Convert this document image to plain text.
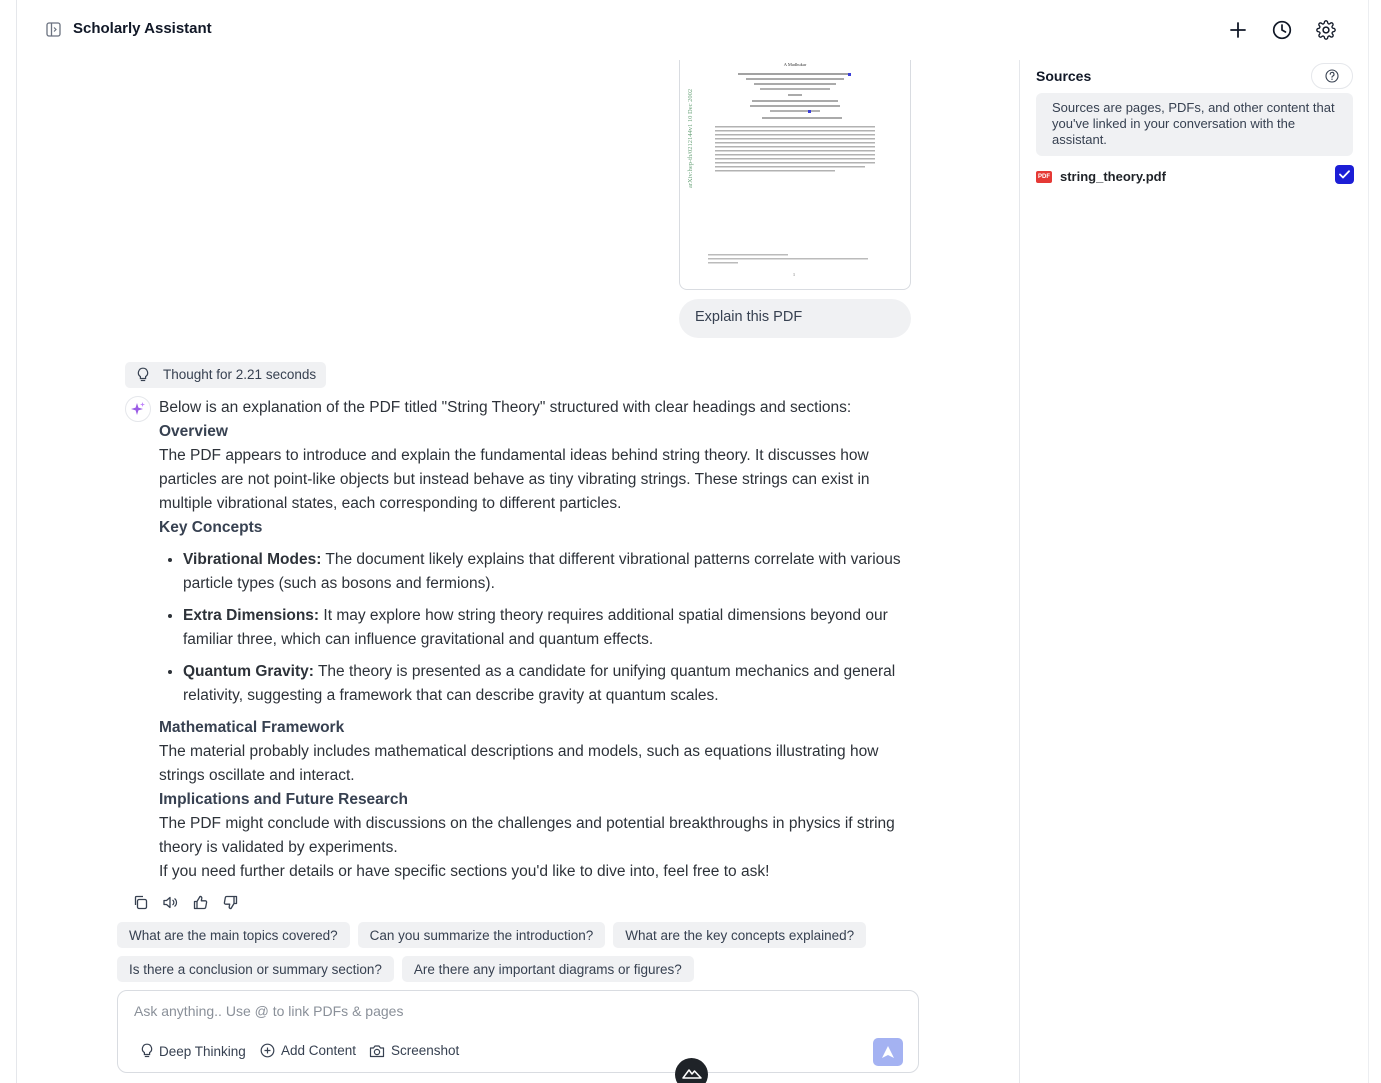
Scholarly Assistant
A Madhukar
1
arXiv:hep-th/0212144v1 10 Dec 2002
Explain this PDF
Thought for 2.21 seconds

Below is an explanation of the PDF titled "String Theory" structured with clear headings and sections:

Overview

The PDF appears to introduce and explain the fundamental ideas behind string theory. It discusses how particles are not point-like objects but instead behave as tiny vibrating strings. These strings can exist in multiple vibrational states, each corresponding to different particles.

Key Concepts
• Vibrational Modes: The document likely explains that different vibrational patterns correlate with various particle types (such as bosons and fermions).
• Extra Dimensions: It may explore how string theory requires additional spatial dimensions beyond our familiar three, which can influence gravitational and quantum effects.
• Quantum Gravity: The theory is presented as a candidate for unifying quantum mechanics and general relativity, suggesting a framework that can describe gravity at quantum scales.
Mathematical Framework

The material probably includes mathematical descriptions and models, such as equations illustrating how strings oscillate and interact.

Implications and Future Research

The PDF might conclude with discussions on the challenges and potential breakthroughs in physics if string theory is validated by experiments.

If you need further details or have specific sections you'd like to dive into, feel free to ask!

What are the main topics covered?	Can you summarize the introduction?	What are the key concepts explained?
Is there a conclusion or summary section?	Are there any important diagrams or figures?
Ask anything.. Use @ to link PDFs & pages
Deep Thinking	Add Content	Screenshot
Sources
Sources are pages, PDFs, and other content that you've linked in your conversation with the assistant.
PDF string_theory.pdf
